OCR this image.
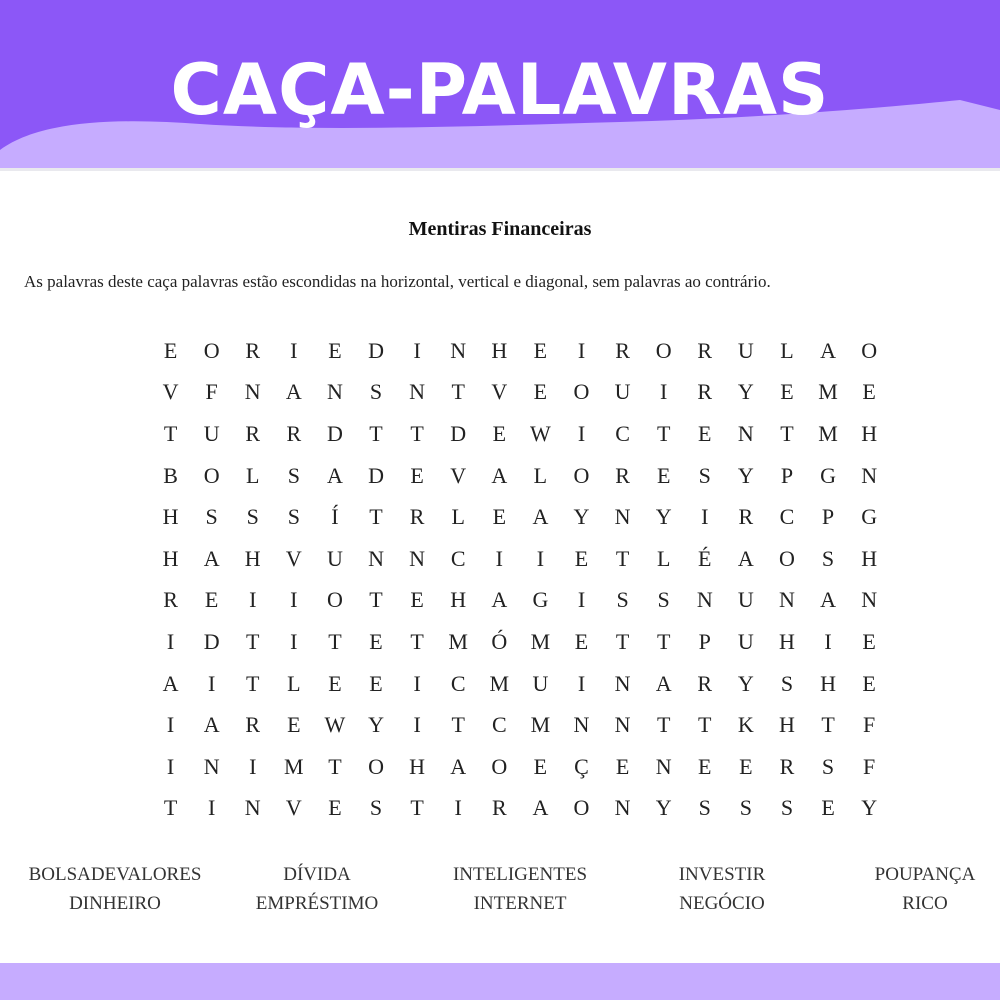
CAÇA-PALAVRAS
Mentiras Financeiras
As palavras deste caça palavras estão escondidas na horizontal, vertical e diagonal, sem palavras ao contrário.
E	O	R	I	E	D	I	N	H	E	I	R	O	R	U	L	A	O
V	F	N	A	N	S	N	T	V	E	O	U	I	R	Y	E	M	E
T	U	R	R	D	T	T	D	E	W	I	C	T	E	N	T	M	H
B	O	L	S	A	D	E	V	A	L	O	R	E	S	Y	P	G	N
H	S	S	S	Í	T	R	L	E	A	Y	N	Y	I	R	C	P	G
H	A	H	V	U	N	N	C	I	I	E	T	L	É	A	O	S	H
R	E	I	I	O	T	E	H	A	G	I	S	S	N	U	N	A	N
I	D	T	I	T	E	T	M	Ó	M	E	T	T	P	U	H	I	E
A	I	T	L	E	E	I	C	M	U	I	N	A	R	Y	S	H	E
I	A	R	E	W	Y	I	T	C	M	N	N	T	T	K	H	T	F
I	N	I	M	T	O	H	A	O	E	Ç	E	N	E	E	R	S	F
T	I	N	V	E	S	T	I	R	A	O	N	Y	S	S	S	E	Y
BOLSADEVALORES
DINHEIRO
DÍVIDA
EMPRÉSTIMO
INTELIGENTES
INTERNET
INVESTIR
NEGÓCIO
POUPANÇA
RICO
